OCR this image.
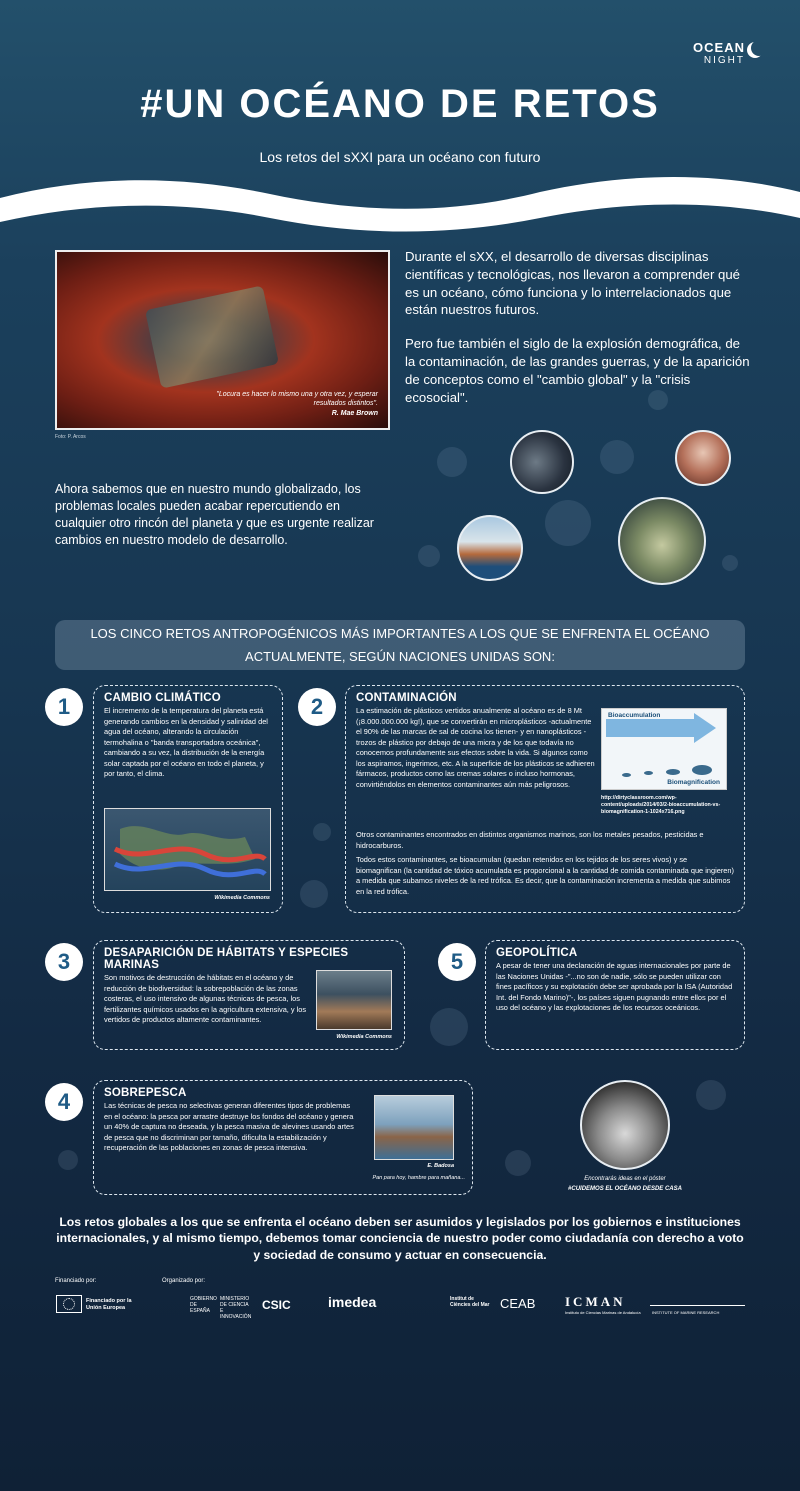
OCEAN
NIGHT
#UN OCÉANO DE RETOS
Los retos del sXXI para un océano con futuro
"Locura es hacer lo mismo una y otra vez, y esperar resultados distintos".
R. Mae Brown
Foto: P. Arcos

Durante el sXX, el desarrollo de diversas disciplinas científicas y tecnológicas, nos llevaron a comprender qué es un océano, cómo funciona y lo interrelacionados que están nuestros futuros.

Pero fue también el siglo de la explosión demográfica, de la contaminación, de las grandes guerras, y de la aparición de conceptos como el "cambio global" y la "crisis ecosocial".

Ahora sabemos que en nuestro mundo globalizado, los problemas locales pueden acabar repercutiendo en cualquier otro rincón del planeta y que es urgente realizar cambios en nuestro modelo de desarrollo.
LOS CINCO RETOS ANTROPOGÉNICOS MÁS IMPORTANTES A LOS QUE SE ENFRENTA EL OCÉANO
ACTUALMENTE, SEGÚN NACIONES UNIDAS SON:
1	CAMBIO CLIMÁTICO
El incremento de la temperatura del planeta está generando cambios en la densidad y salinidad del agua del océano, alterando la circulación termohalina o "banda transportadora oceánica", cambiando a su vez, la distribución de la energía solar captada por el océano en todo el planeta, y por tanto, el clima.
Wikimedia Commons
2	CONTAMINACIÓN
La estimación de plásticos vertidos anualmente al océano es de 8 Mt (¡8.000.000.000 kg!), que se convertirán en microplásticos -actualmente el 90% de las marcas de sal de cocina los tienen- y en nanoplásticos -trozos de plástico por debajo de una micra y de los que todavía no conocemos profundamente sus efectos sobre la vida. Si algunos como los aspiramos, ingerimos, etc. A la superficie de los plásticos se adhieren fármacos, productos como las cremas solares o incluso hormonas, convirtiéndolos en elementos contaminantes aún más peligrosos.
Otros contaminantes encontrados en distintos organismos marinos, son los metales pesados, pesticidas e hidrocarburos.
Todos estos contaminantes, se bioacumulan (quedan retenidos en los tejidos de los seres vivos) y se biomagnifican (la cantidad de tóxico acumulada es proporcional a la cantidad de comida contaminada que ingieren) a medida que subamos niveles de la red trófica. Es decir, que la contaminación incrementa a medida que subimos en la red trófica.
Bioaccumulation
Biomagnification
http://dirtyclassroom.com/wp-content/uploads/2014/03/2-bioaccumulation-vs-biomagnification-1-1024x716.png
3	DESAPARICIÓN DE HÁBITATS Y ESPECIES MARINAS
Son motivos de destrucción de hábitats en el océano y de reducción de biodiversidad: la sobrepoblación de las zonas costeras, el uso intensivo de algunas técnicas de pesca, los fertilizantes químicos usados en la agricultura extensiva, y los vertidos de productos altamente contaminantes.
Wikimedia Commons
5	GEOPOLÍTICA
A pesar de tener una declaración de aguas internacionales por parte de las Naciones Unidas -"...no son de nadie, sólo se pueden utilizar con fines pacíficos y su explotación debe ser aprobada por la ISA (Autoridad Int. del Fondo Marino)"-, los países siguen pugnando entre ellos por el uso del océano y las explotaciones de los recursos oceánicos.
4	SOBREPESCA
Las técnicas de pesca no selectivas generan diferentes tipos de problemas en el océano: la pesca por arrastre destruye los fondos del océano y genera un 40% de captura no deseada, y la pesca masiva de alevines usando artes de pesca que no discriminan por tamaño, dificulta la estabilización y recuperación de las poblaciones en zonas de pesca intensiva.
E. Badosa
Pan para hoy, hambre para mañana...	Encontrarás ideas en el póster
#CUIDEMOS EL OCÉANO DESDE CASA
Los retos globales a los que se enfrenta el océano deben ser asumidos y legislados por los gobiernos e instituciones internacionales, y al mismo tiempo, debemos tomar conciencia de nuestro poder como ciudadanía con derecho a voto y sociedad de consumo y actuar en consecuencia.
Financiado por:	Organizado por:
Financiado por la Unión Europea
GOBIERNO DE ESPAÑA
MINISTERIO DE CIENCIA E INNOVACIÓN
CSIC	imedea	Institut de Ciències del Mar CEAB ICMAN
Instituto de Ciencias Marinas de Andalucía	INSTITUTE OF MARINE RESEARCH
